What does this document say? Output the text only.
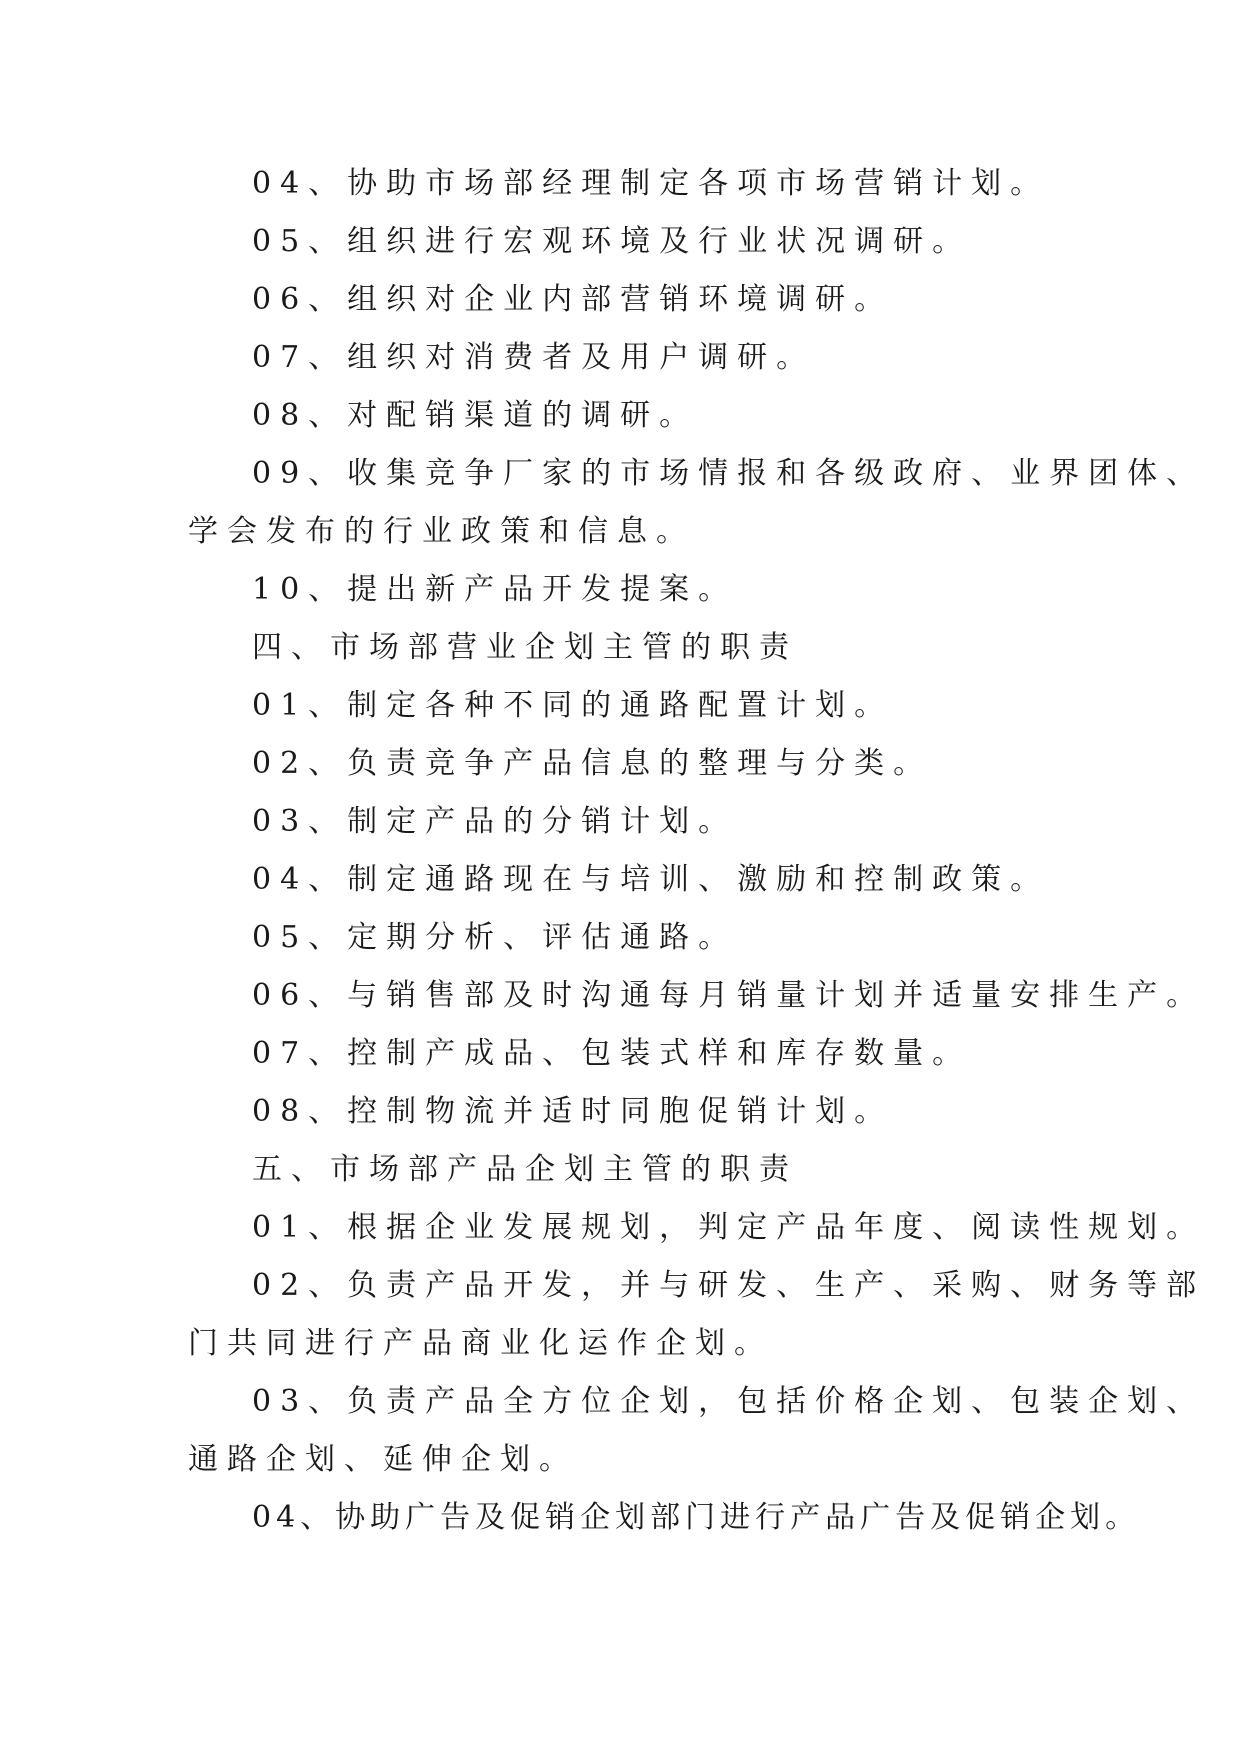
04、协助市场部经理制定各项市场营销计划。

05、组织进行宏观环境及行业状况调研。

06、组织对企业内部营销环境调研。

07、组织对消费者及用户调研。

08、对配销渠道的调研。

09、收集竞争厂家的市场情报和各级政府、业界团体、

学会发布的行业政策和信息。

10、提出新产品开发提案。

四、市场部营业企划主管的职责

01、制定各种不同的通路配置计划。

02、负责竞争产品信息的整理与分类。

03、制定产品的分销计划。

04、制定通路现在与培训、激励和控制政策。

05、定期分析、评估通路。

06、与销售部及时沟通每月销量计划并适量安排生产。

07、控制产成品、包装式样和库存数量。

08、控制物流并适时同胞促销计划。

五、市场部产品企划主管的职责

01、根据企业发展规划，判定产品年度、阅读性规划。

02、负责产品开发，并与研发、生产、采购、财务等部

门共同进行产品商业化运作企划。

03、负责产品全方位企划，包括价格企划、包装企划、

通路企划、延伸企划。

04、协助广告及促销企划部门进行产品广告及促销企划。
